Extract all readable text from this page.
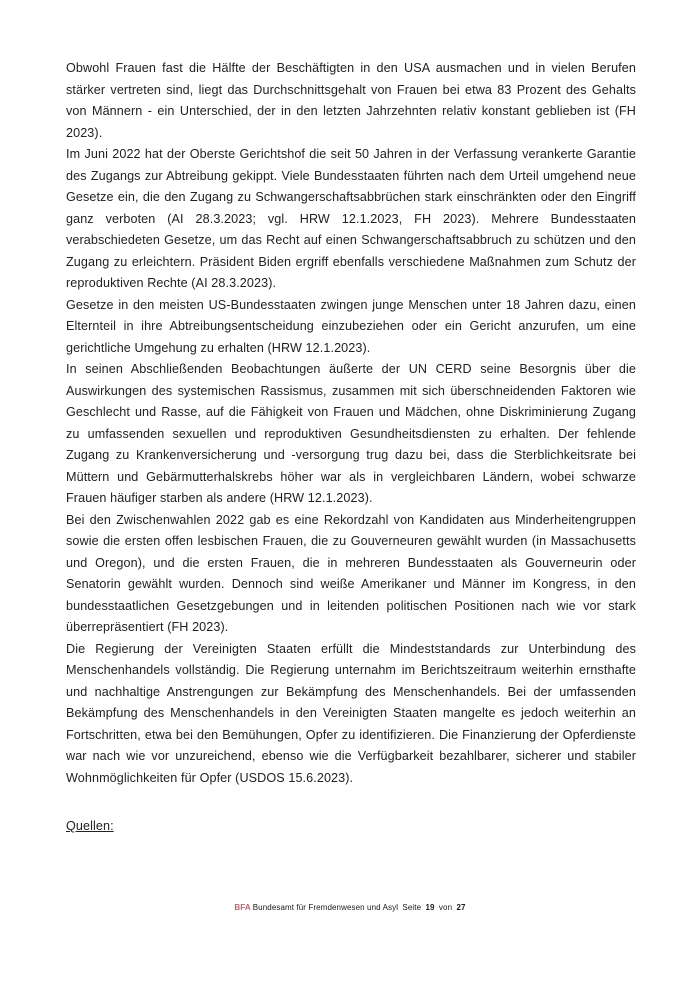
Obwohl Frauen fast die Hälfte der Beschäftigten in den USA ausmachen und in vielen Berufen stärker vertreten sind, liegt das Durchschnittsgehalt von Frauen bei etwa 83 Prozent des Gehalts von Männern - ein Unterschied, der in den letzten Jahrzehnten relativ konstant geblieben ist (FH 2023).

Im Juni 2022 hat der Oberste Gerichtshof die seit 50 Jahren in der Verfassung verankerte Garantie des Zugangs zur Abtreibung gekippt. Viele Bundesstaaten führten nach dem Urteil umgehend neue Gesetze ein, die den Zugang zu Schwangerschaftsabbrüchen stark einschränkten oder den Eingriff ganz verboten (AI 28.3.2023; vgl. HRW 12.1.2023, FH 2023). Mehrere Bundesstaaten verabschiedeten Gesetze, um das Recht auf einen Schwangerschaftsabbruch zu schützen und den Zugang zu erleichtern. Präsident Biden ergriff ebenfalls verschiedene Maßnahmen zum Schutz der reproduktiven Rechte (AI 28.3.2023).

Gesetze in den meisten US-Bundesstaaten zwingen junge Menschen unter 18 Jahren dazu, einen Elternteil in ihre Abtreibungsentscheidung einzubeziehen oder ein Gericht anzurufen, um eine gerichtliche Umgehung zu erhalten (HRW 12.1.2023).

In seinen Abschließenden Beobachtungen äußerte der UN CERD seine Besorgnis über die Auswirkungen des systemischen Rassismus, zusammen mit sich überschneidenden Faktoren wie Geschlecht und Rasse, auf die Fähigkeit von Frauen und Mädchen, ohne Diskriminierung Zugang zu umfassenden sexuellen und reproduktiven Gesundheitsdiensten zu erhalten. Der fehlende Zugang zu Krankenversicherung und -versorgung trug dazu bei, dass die Sterblichkeitsrate bei Müttern und Gebärmutterhalskrebs höher war als in vergleichbaren Ländern, wobei schwarze Frauen häufiger starben als andere (HRW 12.1.2023).

Bei den Zwischenwahlen 2022 gab es eine Rekordzahl von Kandidaten aus Minderheitengruppen sowie die ersten offen lesbischen Frauen, die zu Gouverneuren gewählt wurden (in Massachusetts und Oregon), und die ersten Frauen, die in mehreren Bundesstaaten als Gouverneurin oder Senatorin gewählt wurden. Dennoch sind weiße Amerikaner und Männer im Kongress, in den bundesstaatlichen Gesetzgebungen und in leitenden politischen Positionen nach wie vor stark überrepräsentiert (FH 2023).

Die Regierung der Vereinigten Staaten erfüllt die Mindeststandards zur Unterbindung des Menschenhandels vollständig. Die Regierung unternahm im Berichtszeitraum weiterhin ernsthafte und nachhaltige Anstrengungen zur Bekämpfung des Menschenhandels. Bei der umfassenden Bekämpfung des Menschenhandels in den Vereinigten Staaten mangelte es jedoch weiterhin an Fortschritten, etwa bei den Bemühungen, Opfer zu identifizieren. Die Finanzierung der Opferdienste war nach wie vor unzureichend, ebenso wie die Verfügbarkeit bezahlbarer, sicherer und stabiler Wohnmöglichkeiten für Opfer (USDOS 15.6.2023).

Quellen:

BFA Bundesamt für Fremdenwesen und Asyl Seite 19 von 27
